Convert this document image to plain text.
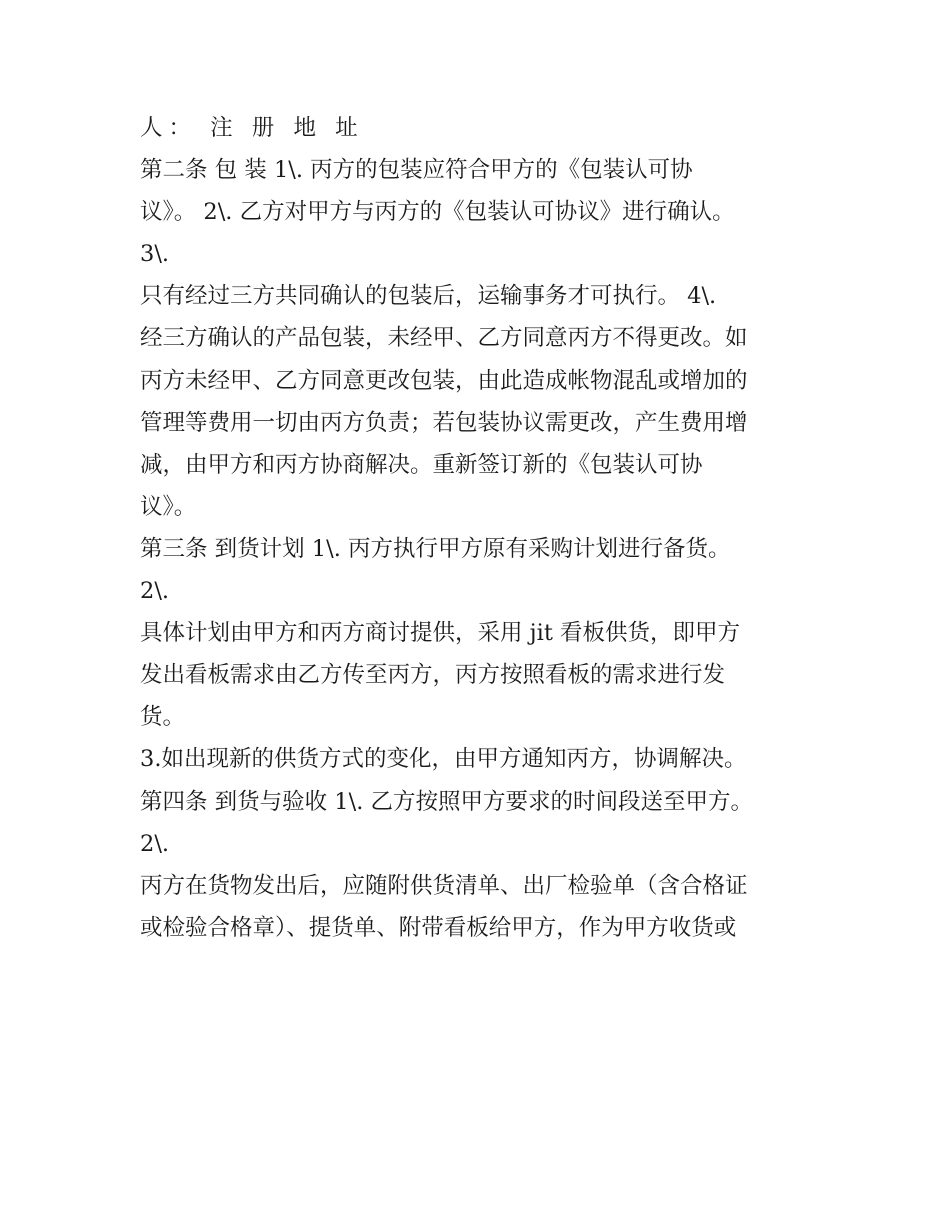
人： 注 册 地 址
第二条 包 装 1\. 丙方的包装应符合甲方的《包装认可协
议》。 2\. 乙方对甲方与丙方的《包装认可协议》进行确认。
3\.
只有经过三方共同确认的包装后，运输事务才可执行。 4\.
经三方确认的产品包装，未经甲、乙方同意丙方不得更改。如
丙方未经甲、乙方同意更改包装，由此造成帐物混乱或增加的
管理等费用一切由丙方负责；若包装协议需更改，产生费用增
减，由甲方和丙方协商解决。重新签订新的《包装认可协
议》。
第三条 到货计划 1\. 丙方执行甲方原有采购计划进行备货。
2\.
具体计划由甲方和丙方商讨提供，采用 jit 看板供货，即甲方
发出看板需求由乙方传至丙方，丙方按照看板的需求进行发
货。
3.如出现新的供货方式的变化，由甲方通知丙方，协调解决。
第四条 到货与验收 1\. 乙方按照甲方要求的时间段送至甲方。
2\.
丙方在货物发出后，应随附供货清单、出厂检验单（含合格证
或检验合格章）、提货单、附带看板给甲方，作为甲方收货或
